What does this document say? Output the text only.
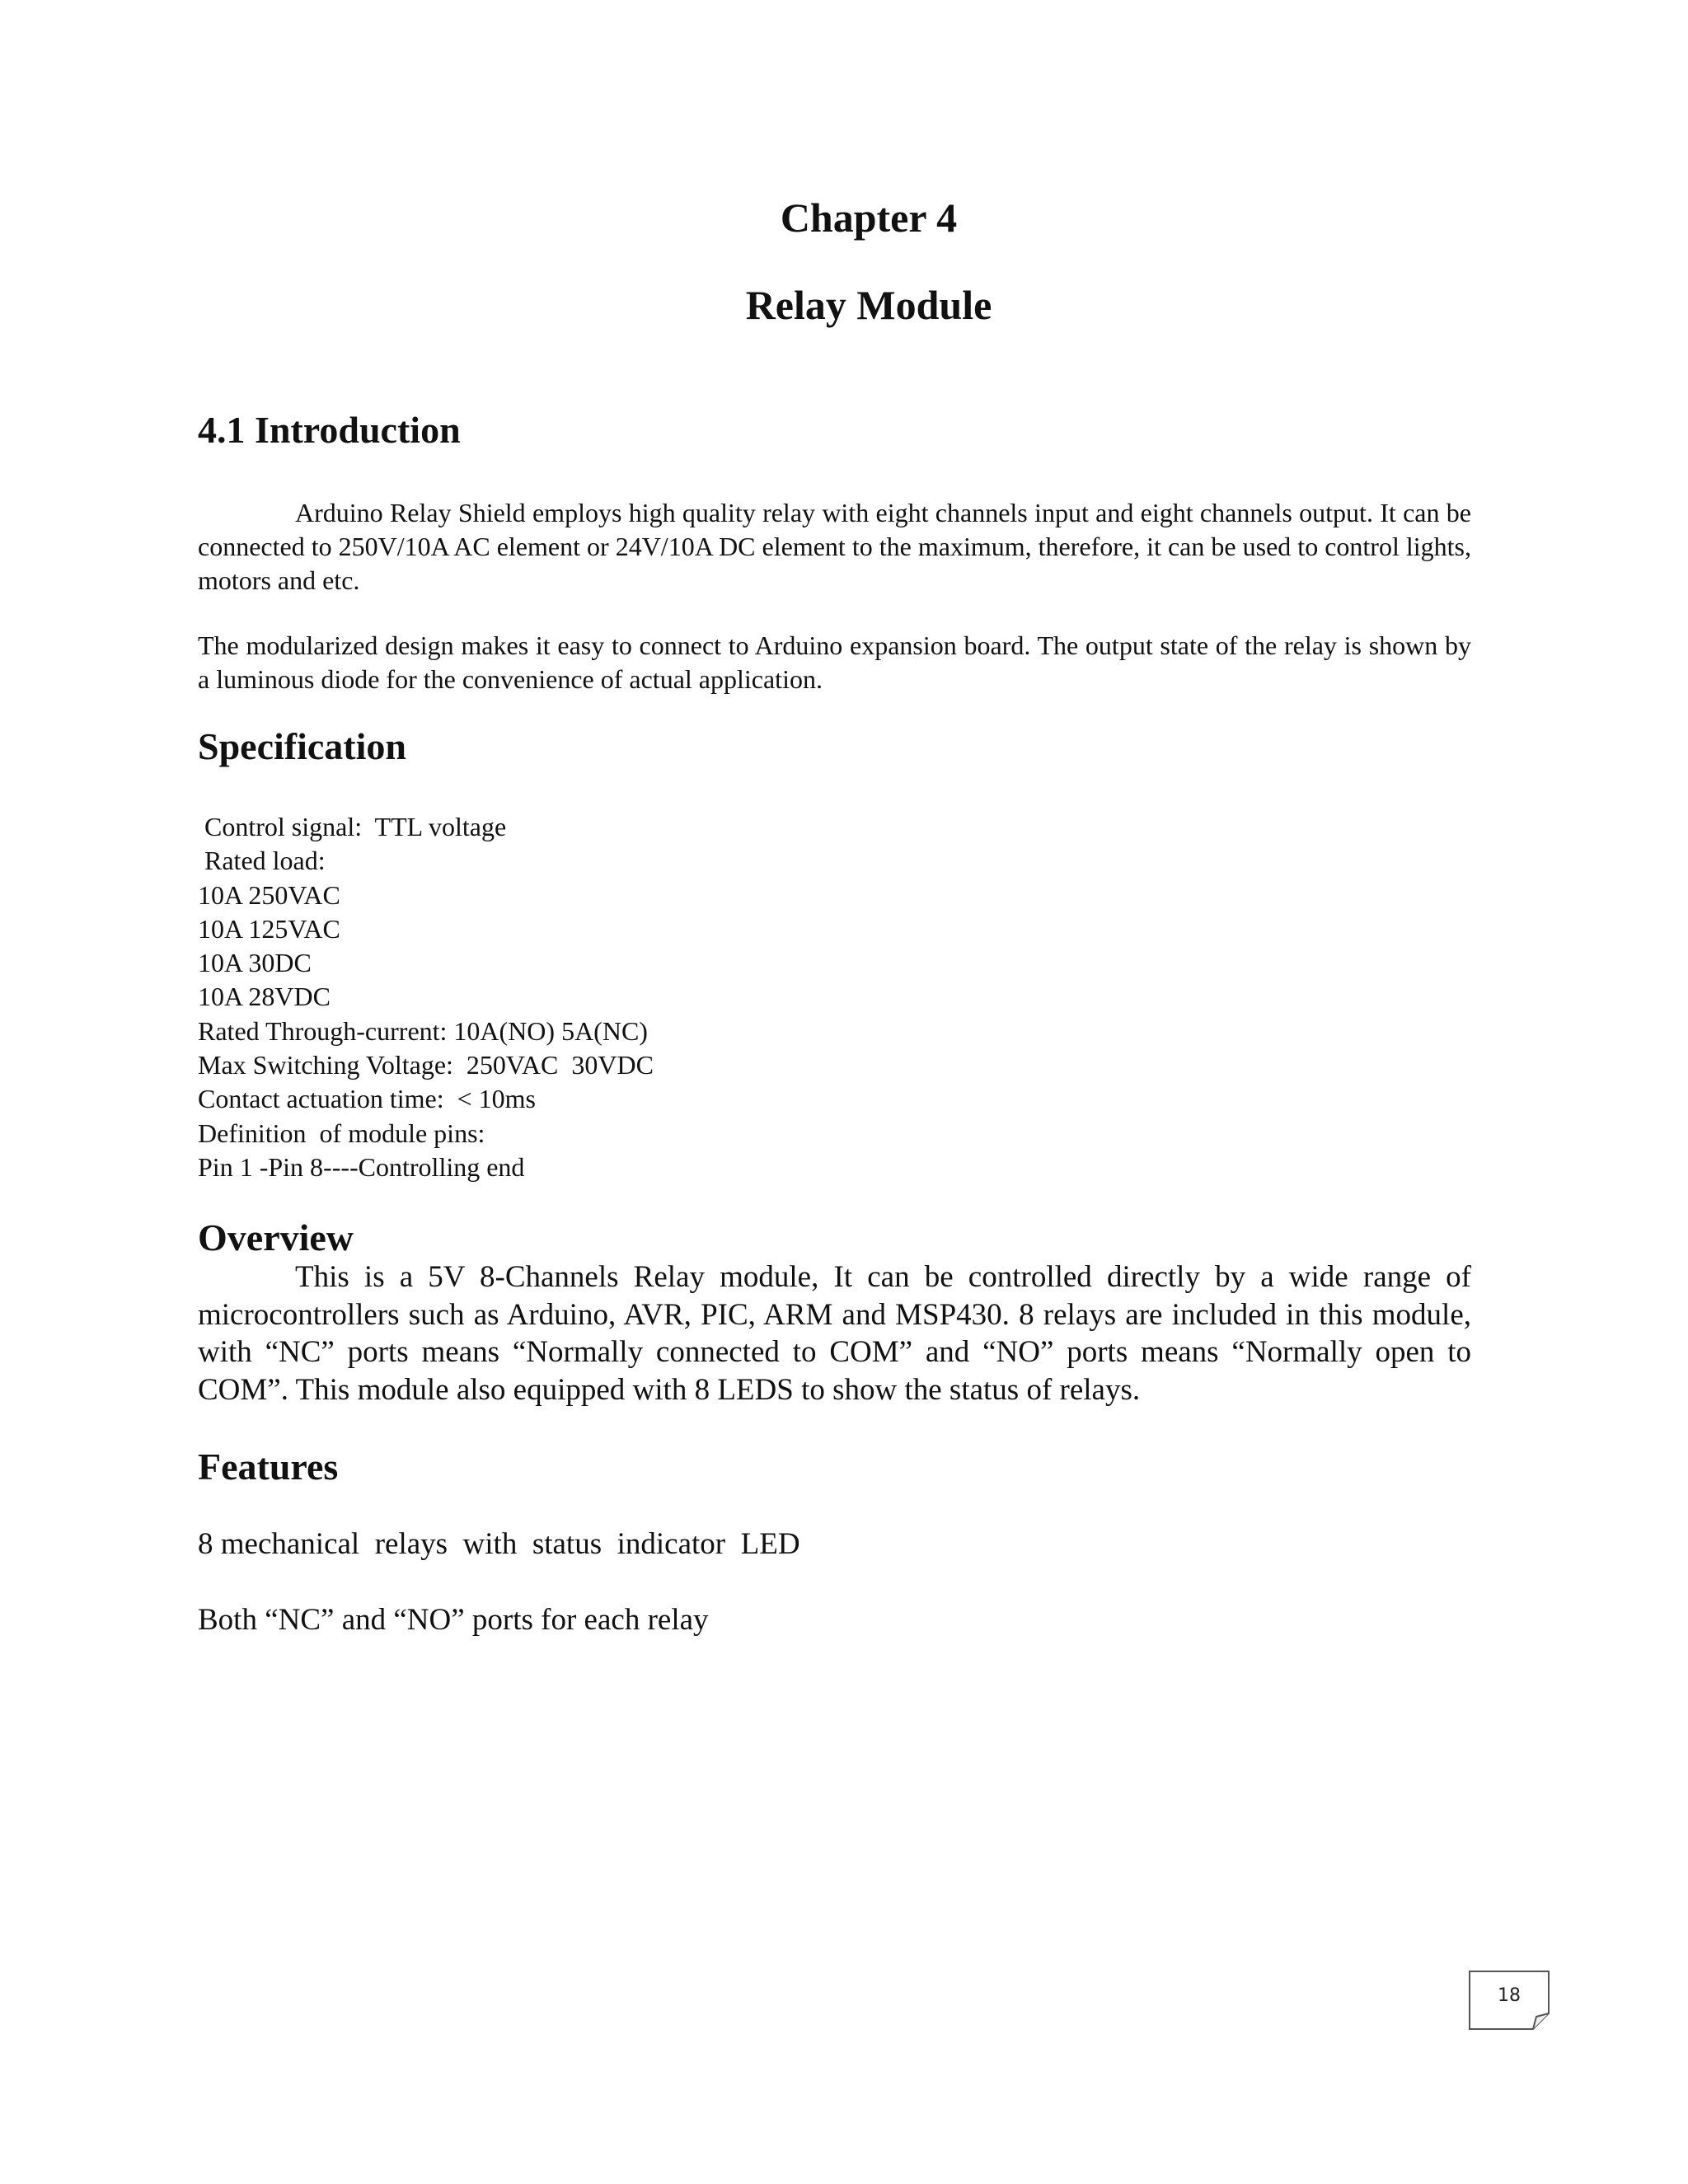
Chapter 4
Relay Module
4.1 Introduction

Arduino Relay Shield employs high quality relay with eight channels input and eight channels output. It can be connected to 250V/10A AC element or 24V/10A DC element to the maximum, therefore, it can be used to control lights, motors and etc.

The modularized design makes it easy to connect to Arduino expansion board. The output state of the relay is shown by a luminous diode for the convenience of actual application.

Specification
Control signal:  TTL voltage
Rated load:
10A 250VAC
10A 125VAC
10A 30DC
10A 28VDC
Rated Through-current: 10A(NO) 5A(NC)
Max Switching Voltage:  250VAC  30VDC
Contact actuation time:  < 10ms
Definition  of module pins:
Pin 1 -Pin 8----Controlling end
Overview

This is a 5V 8-Channels Relay module, It can be controlled directly by a wide range of microcontrollers such as Arduino, AVR, PIC, ARM and MSP430. 8 relays are included in this module, with “NC” ports means “Normally connected to COM” and “NO” ports means “Normally open to COM”. This module also equipped with 8 LEDS to show the status of relays.

Features
8 mechanical  relays  with  status  indicator  LED
Both “NC” and “NO” ports for each relay
18
